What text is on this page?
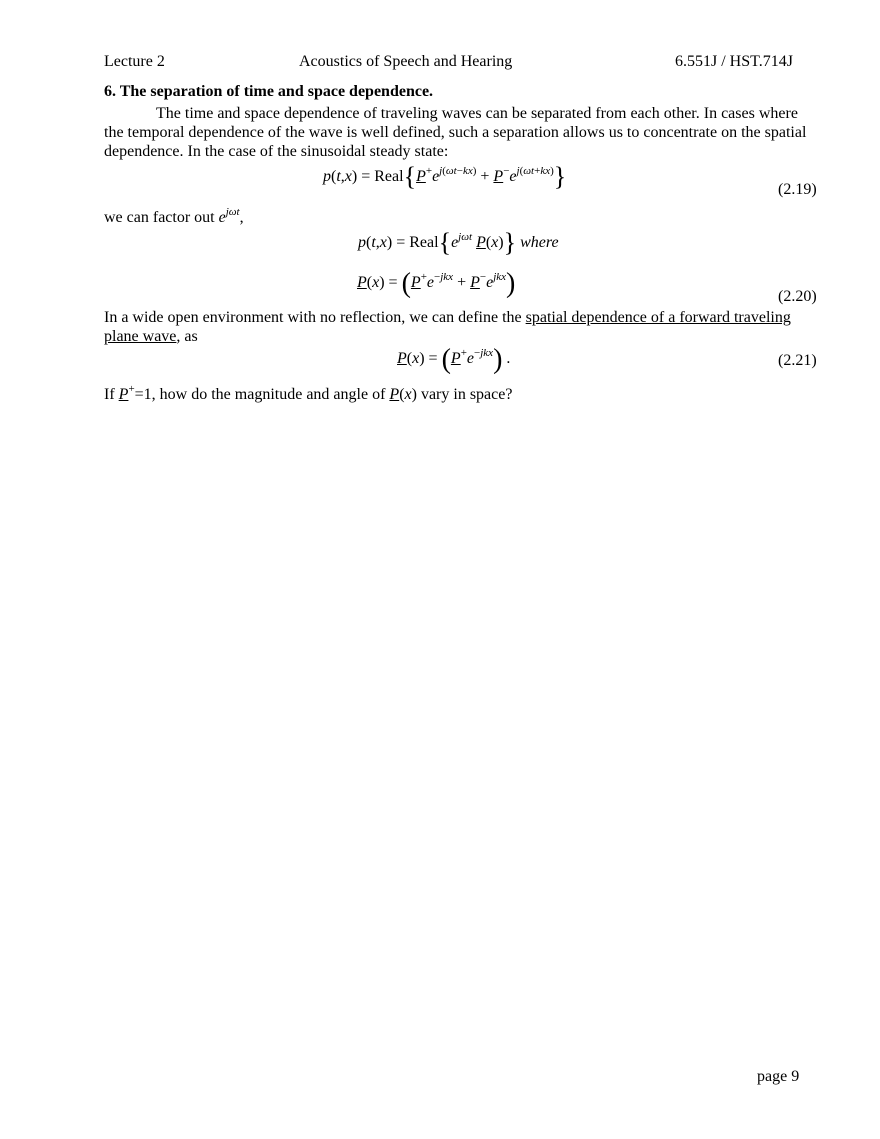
Lecture 2	Acoustics of Speech and Hearing	6.551J / HST.714J
6. The separation of time and space dependence.
The time and space dependence of traveling waves can be separated from each other. In cases where the temporal dependence of the wave is well defined, such a separation allows us to concentrate on the spatial dependence. In the case of the sinusoidal steady state:
$p(t,x) = Real\{P^+e^{j(\omega t-kx)} + P^-e^{j(\omega t+kx)}\}$	(2.19)
we can factor out $e^{j\omega t}$,
$p(t,x) = Real\{e^{j\omega t}$ P(x)} where
$P(x) = (P^+e^{-jkx} + P^-e^{jkx})$	(2.20)
In a wide open environment with no reflection, we can define the spatial dependence of a forward traveling plane wave, as
$P(x) = (P^+e^{-jkx})$ .	(2.21)
If P+=1, how do the magnitude and angle of P(x) vary in space?
page 9
